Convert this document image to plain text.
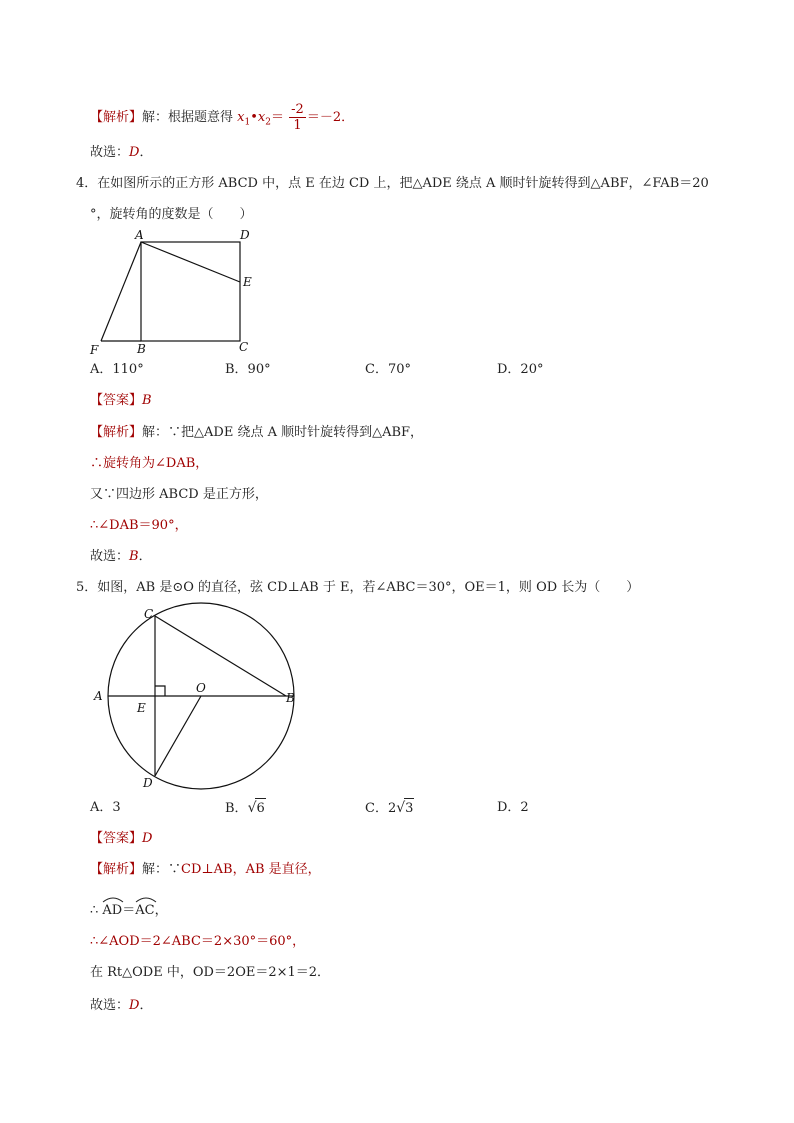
【解析】解：根据题意得 $x_1•x_2= \frac{-2}{1} =-2$．
故选：D．
4．在如图所示的正方形 ABCD 中，点 E 在边 CD 上，把△ADE 绕点 A 顺时针旋转得到△ABF，∠FAB＝20
°，旋转角的度数是（　　）
A	D
E
F	B	C
A．110°	B．90°	C．70°	D．20°
【答案】B
【解析】解：∵把△ADE 绕点 A 顺时针旋转得到△ABF，
∴旋转角为∠DAB，
又∵四边形 ABCD 是正方形，
∴∠DAB＝90°，
故选：B．
5．如图，AB 是⊙O 的直径，弦 CD⊥AB 于 E，若∠ABC＝30°，OE＝1，则 OD 长为（　　）
C
A
E
O
B
D
A．3	B．√6	C．2√3	D．2
【答案】D
【解析】解：∵CD⊥AB，AB 是直径，
∴ AD＝
AC，
∴∠AOD＝2∠ABC＝2×30°＝60°，
在 Rt△ODE 中，OD＝2OE＝2×1＝2．
故选：D．
